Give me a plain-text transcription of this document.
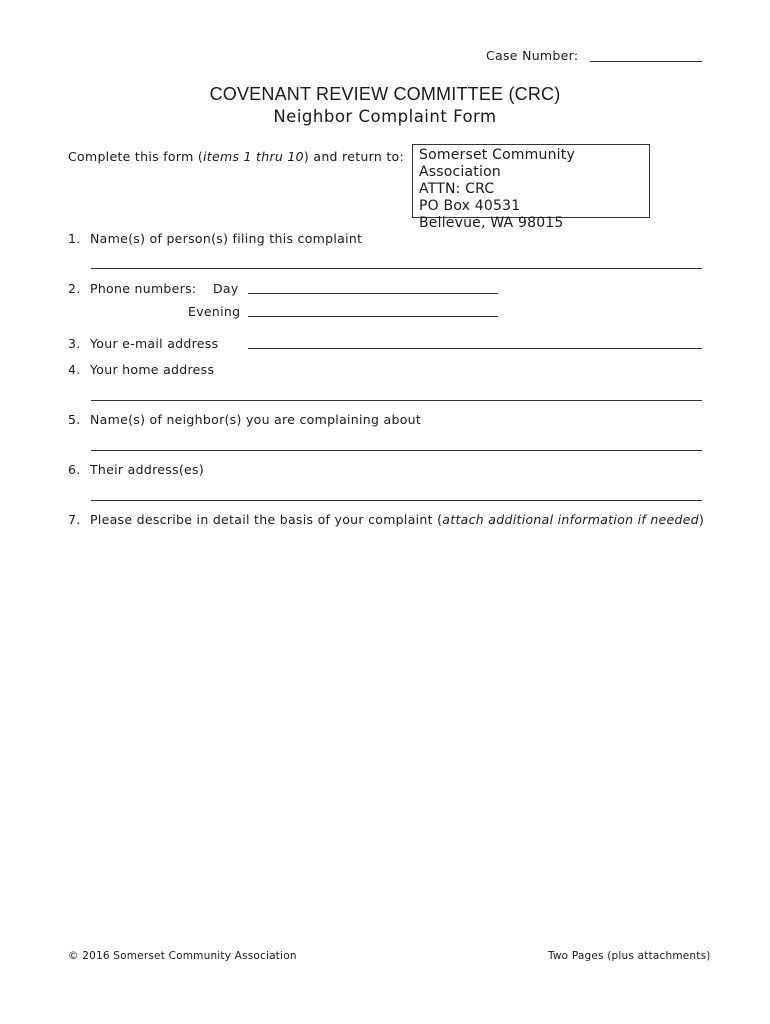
Case Number:
COVENANT REVIEW COMMITTEE (CRC)
Neighbor Complaint Form
Complete this form (items 1 thru 10) and return to: Somerset Community Association
ATTN: CRC
PO Box 40531
Bellevue, WA 98015
1. Name(s) of person(s) filing this complaint
2. Phone numbers: Day
Evening
3. Your e-mail address
4. Your home address
5. Name(s) of neighbor(s) you are complaining about
6. Their address(es)
7. Please describe in detail the basis of your complaint (attach additional information if needed)
© 2016 Somerset Community Association	Two Pages (plus attachments)
